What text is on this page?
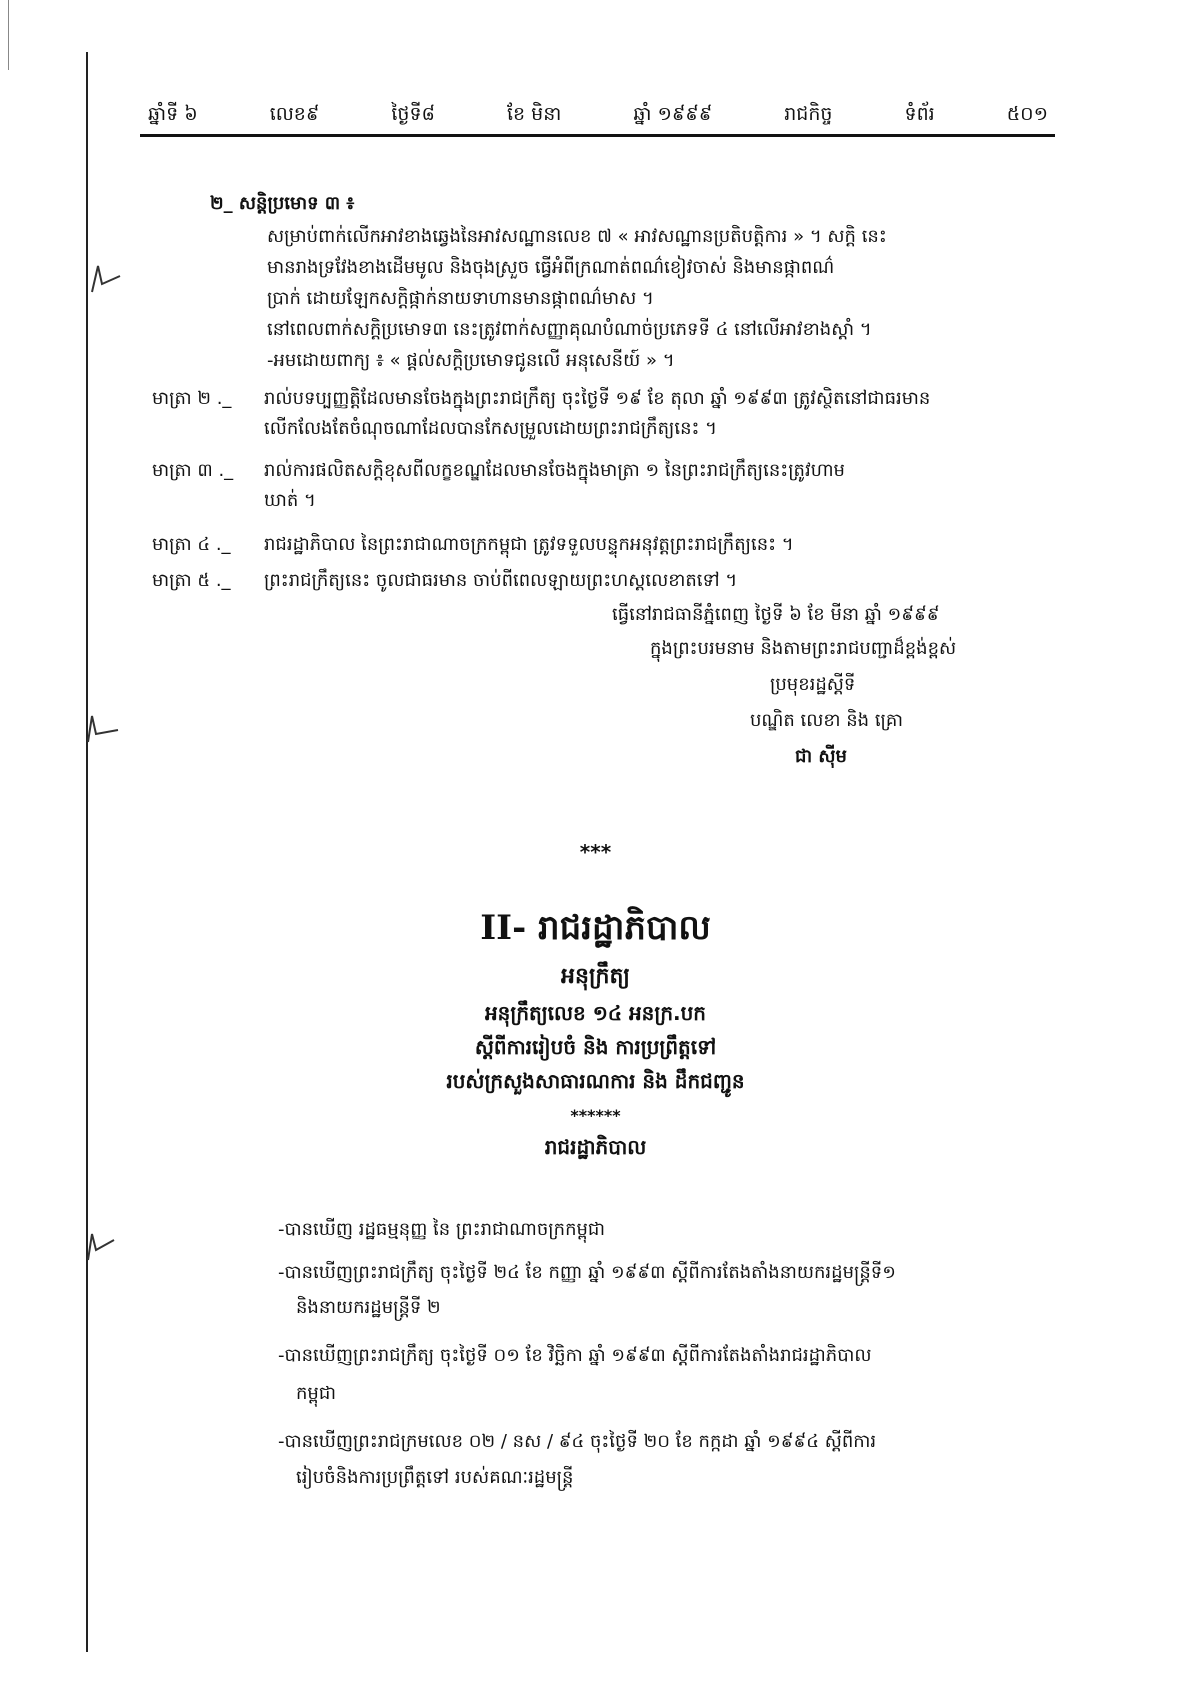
ឆ្នាំទី ៦	លេខ៩	ថ្ងៃទី៨	ខែ មិនា	ឆ្នាំ ១៩៩៩	រាជកិច្ច	ទំព័រ	៥០១
២_ សន្តិប្រមោទ ៣ ៖
សម្រាប់ពាក់លើកអាវខាងឆ្វេងនៃអាវសណ្ឋានលេខ ៧ « អាវសណ្ឋានប្រតិបត្តិការ » ។ សក្តិ នេះ
មានរាងទ្រវែងខាងដើមមូល និងចុងស្រួច ធ្វើអំពីក្រណាត់ពណ៌ខៀវចាស់ និងមានផ្កាពណ៌
ប្រាក់ ដោយឡែកសក្តិផ្កាក់នាយទាហានមានផ្កាពណ៌មាស ។
នៅពេលពាក់សក្តិប្រមោទ៣ នេះត្រូវពាក់សញ្ញាគុណបំណាច់ប្រភេទទី ៤ នៅលើអាវខាងស្តាំ ។
-អមដោយពាក្យ ៖ « ផ្តល់សក្តិប្រមោទជូនលើ អនុសេនីយ៍ » ។
មាត្រា ២ ._	រាល់បទប្បញ្ញត្តិដែលមានចែងក្នុងព្រះរាជក្រឹត្យ ចុះថ្ងៃទី ១៩ ខែ តុលា ឆ្នាំ ១៩៩៣ ត្រូវស្ថិតនៅជាធរមាន
លើកលែងតែចំណុចណាដែលបានកែសម្រួលដោយព្រះរាជក្រឹត្យនេះ ។
មាត្រា ៣ ._	រាល់ការផលិតសក្តិខុសពីលក្ខខណ្ឌដែលមានចែងក្នុងមាត្រា ១ នៃព្រះរាជក្រឹត្យនេះត្រូវហាម
ឃាត់ ។
មាត្រា ៤ ._	រាជរដ្ឋាភិបាល នៃព្រះរាជាណាចក្រកម្ពុជា ត្រូវទទួលបន្ទុកអនុវត្តព្រះរាជក្រឹត្យនេះ ។
មាត្រា ៥ ._	ព្រះរាជក្រឹត្យនេះ ចូលជាធរមាន ចាប់ពីពេលឡាយព្រះហស្តលេខាតទៅ ។
ធ្វើនៅរាជធានីភ្នំពេញ ថ្ងៃទី ៦ ខែ មីនា ឆ្នាំ ១៩៩៩
ក្នុងព្រះបរមនាម និងតាមព្រះរាជបញ្ជាដ៏ខ្ពង់ខ្ពស់
ប្រមុខរដ្ឋស្តីទី
បណ្ឌិត លេខា និង គ្រោ
ជា ស៊ីម
***
II- រាជរដ្ឋាភិបាល
អនុក្រឹត្យ
អនុក្រឹត្យលេខ ១៤ អនក្រ.បក
ស្តីពីការរៀបចំ និង ការប្រព្រឹត្តទៅ
របស់ក្រសួងសាធារណការ និង ដឹកជញ្ជូន
******
រាជរដ្ឋាភិបាល
-បានឃើញ រដ្ឋធម្មនុញ្ញ នៃ ព្រះរាជាណាចក្រកម្ពុជា
-បានឃើញព្រះរាជក្រឹត្យ ចុះថ្ងៃទី ២៤ ខែ កញ្ញា ឆ្នាំ ១៩៩៣ ស្តីពីការតែងតាំងនាយករដ្ឋមន្ត្រីទី១
និងនាយករដ្ឋមន្ត្រីទី ២
-បានឃើញព្រះរាជក្រឹត្យ ចុះថ្ងៃទី ០១ ខែ វិច្ឆិកា ឆ្នាំ ១៩៩៣ ស្តីពីការតែងតាំងរាជរដ្ឋាភិបាល
កម្ពុជា
-បានឃើញព្រះរាជក្រមលេខ ០២ / នស / ៩៤ ចុះថ្ងៃទី ២០ ខែ កក្កដា ឆ្នាំ ១៩៩៤ ស្តីពីការ
រៀបចំនិងការប្រព្រឹត្តទៅ របស់គណៈរដ្ឋមន្ត្រី
